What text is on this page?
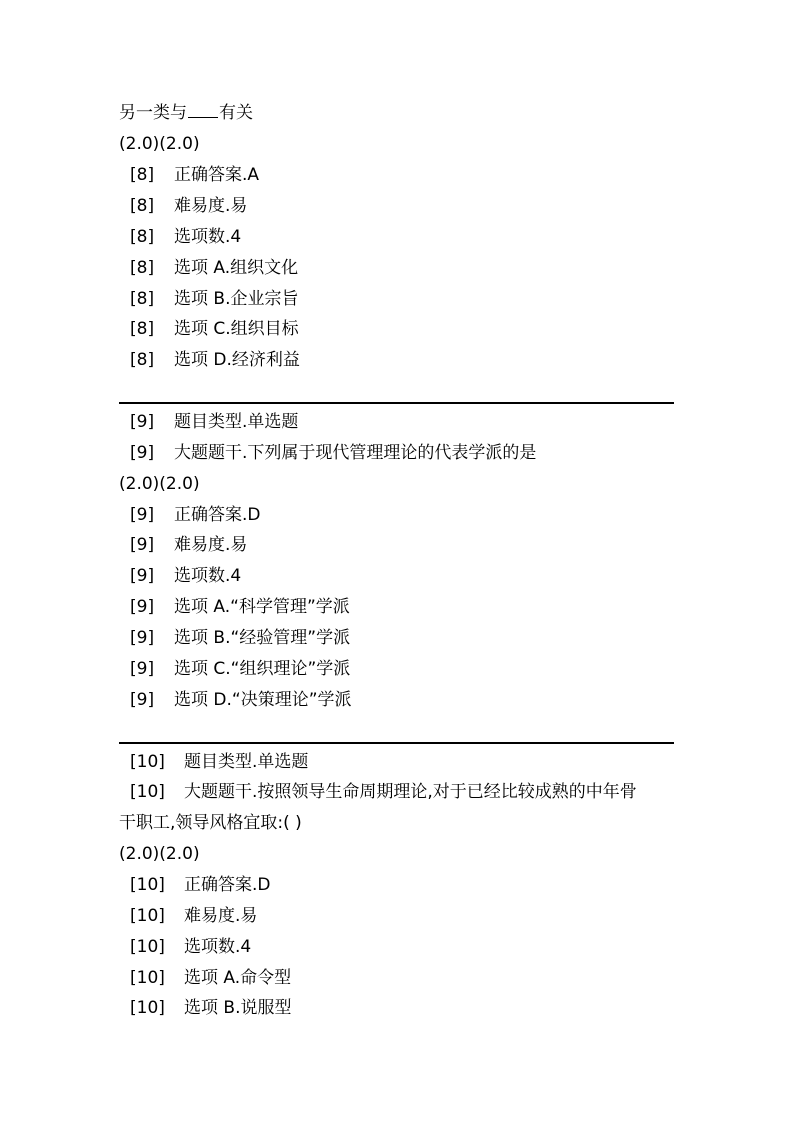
另一类与 有关
(2.0)(2.0)
[8] 正确答案.A
[8] 难易度.易
[8] 选项数.4
[8] 选项 A.组织文化
[8] 选项 B.企业宗旨
[8] 选项 C.组织目标
[8] 选项 D.经济利益
[9] 题目类型.单选题
[9] 大题题干.下列属于现代管理理论的代表学派的是
(2.0)(2.0)
[9] 正确答案.D
[9] 难易度.易
[9] 选项数.4
[9] 选项 A.“科学管理”学派
[9] 选项 B.“经验管理”学派
[9] 选项 C.“组织理论”学派
[9] 选项 D.“决策理论”学派
[10] 题目类型.单选题
[10] 大题题干.按照领导生命周期理论,对于已经比较成熟的中年骨
干职工,领导风格宜取:( )
(2.0)(2.0)
[10] 正确答案.D
[10] 难易度.易
[10] 选项数.4
[10] 选项 A.命令型
[10] 选项 B.说服型
